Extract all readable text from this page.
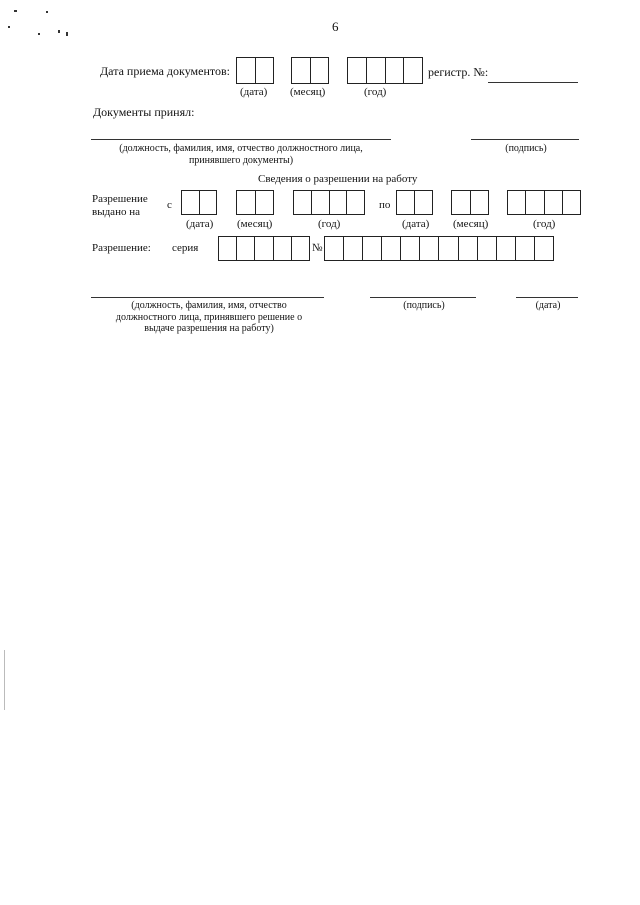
6
Дата приема документов:	регистр. №:
(дата) (месяц)	(год)
Документы принял:
(должность, фамилия, имя, отчество должностного лица,
принявшего документы)
(подпись)
Сведения о разрешении на работу
Разрешение
выдано на
с	по
(дата) (месяц)	(год)	(дата) (месяц)	(год)
Разрешение: серия	№
(должность, фамилия, имя, отчество
должностного лица, принявшего решение о
выдаче разрешения на работу)
(подпись)	(дата)
